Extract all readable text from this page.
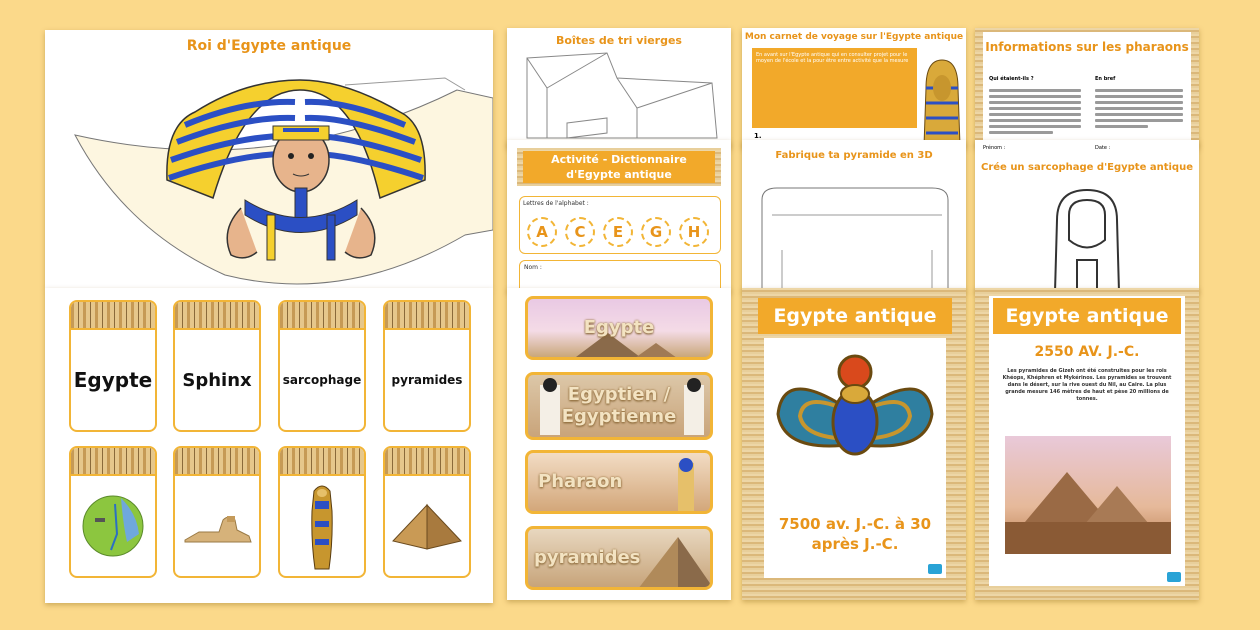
Roi d'Egypte antique
Egypte	Sphinx	sarcophage	pyramides
Boîtes de tri vierges
Activité - Dictionnaire d'Egypte antique
Lettres de l'alphabet :
A	C	E	G	H
Nom :
Egypte
Egyptien / Egyptienne
Pharaon
pyramides
Mon carnet de voyage sur l'Egypte antique
En avant sur l'Egypte antique qui en consulter projet pour le moyen de l'école et la pour être entre activité que la mesure
1.
Fabrique ta pyramide en 3D
Egypte antique
7500 av. J.-C. à 30 après J.-C.
Informations sur les pharaons
Qui étaient-ils ?	En bref
Prénom :	Date :
Crée un sarcophage d'Egypte antique
Egypte antique
2550 AV. J.-C.
Les pyramides de Gizeh ont été construites pour les rois Khéops, Khéphren et Mykérinos. Les pyramides se trouvent dans le désert, sur la rive ouest du Nil, au Caire. La plus grande mesure 146 mètres de haut et pèse 20 millions de tonnes.
